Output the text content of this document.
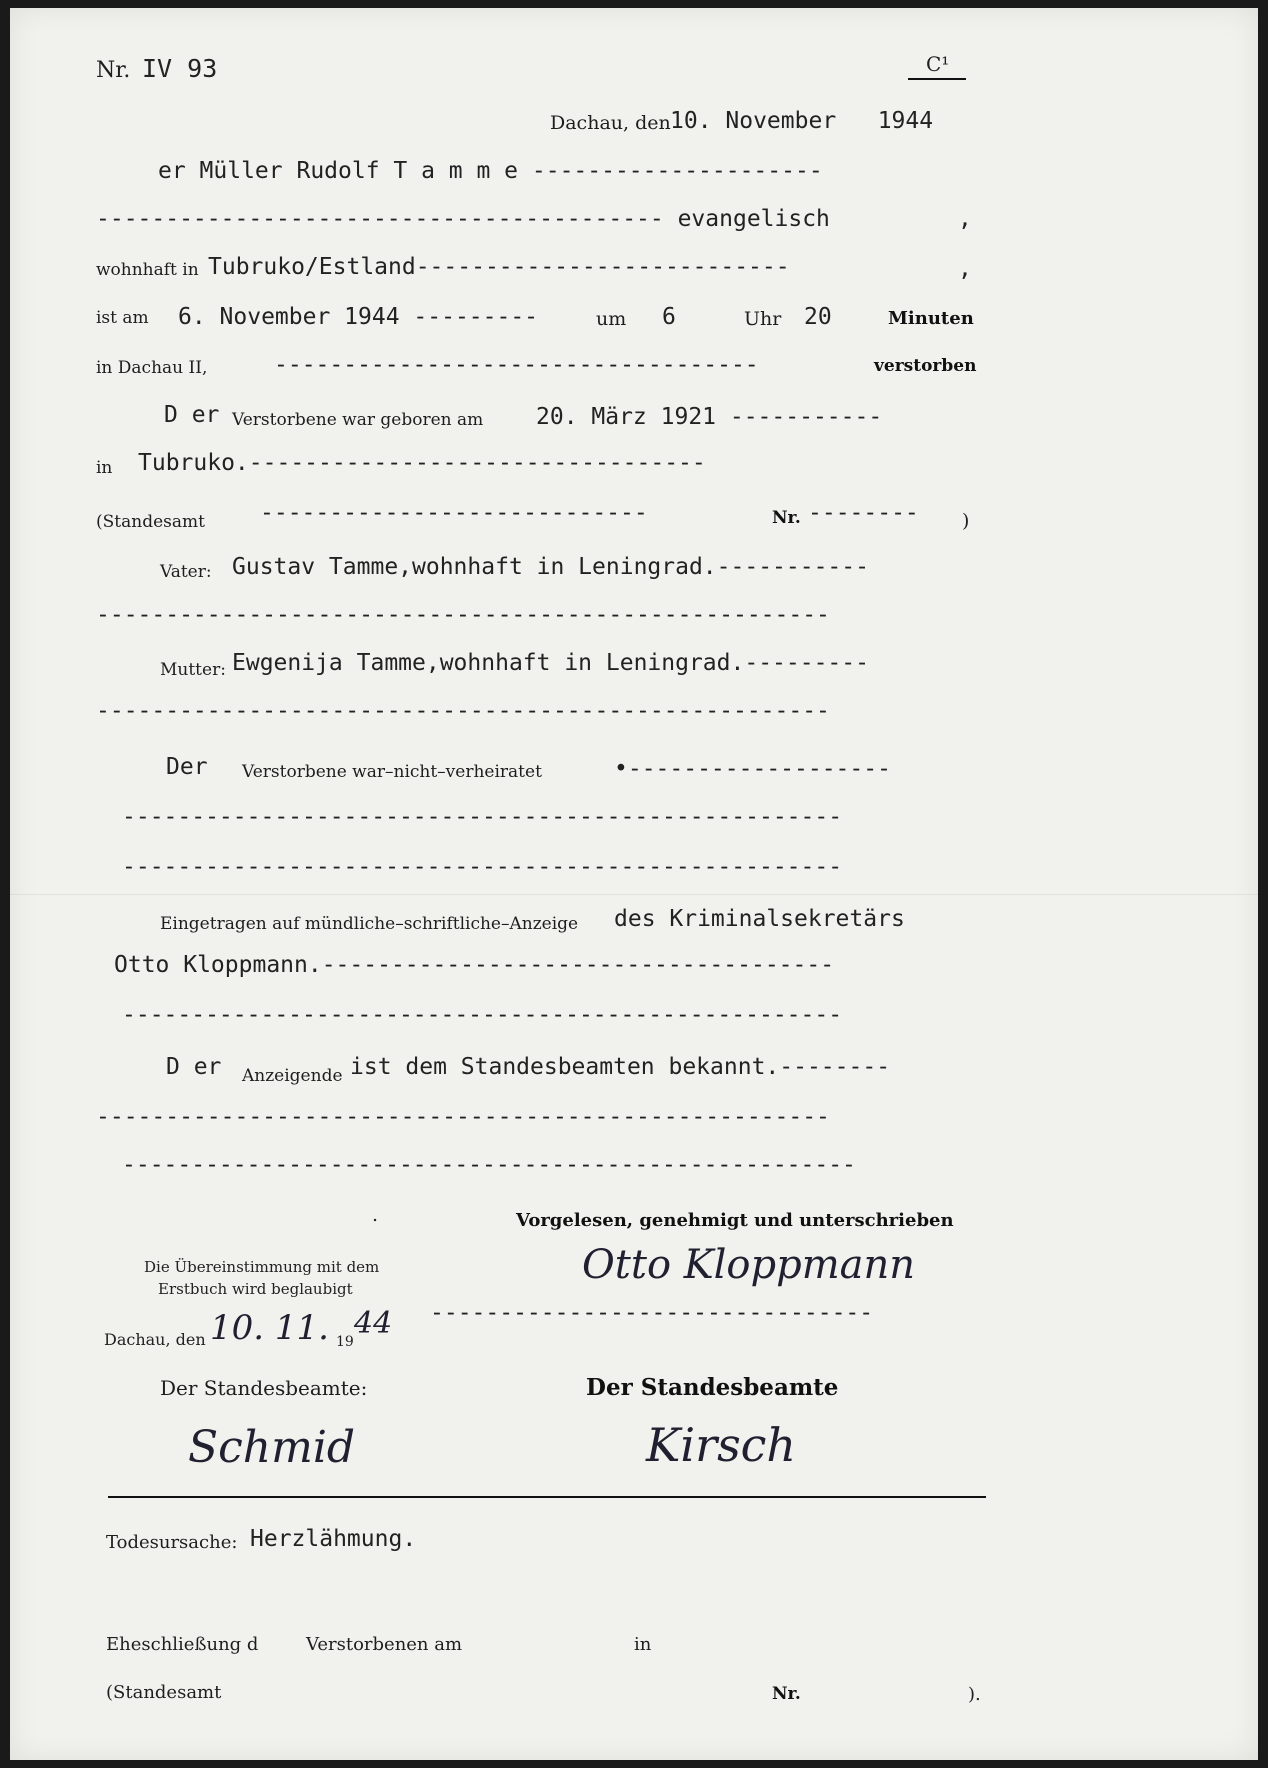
Nr. IV 93	C¹
Dachau, den 10. November   1944
er Müller Rudolf T a m m e ---------------------
----------------------------------------- evangelisch	,
wohnhaft in Tubruko/Estland---------------------------	,
ist am 6. November 1944 ---------	um 6	Uhr 20	Minuten
in Dachau II,	-----------------------------------	verstorben
D er Verstorbene war geboren am 20. März 1921 -----------
in Tubruko.---------------------------------
(Standesamt ----------------------------	Nr. -------- )
Vater: Gustav Tamme,wohnhaft in Leningrad.-----------
-----------------------------------------------------
Mutter: Ewgenija Tamme,wohnhaft in Leningrad.---------
-----------------------------------------------------
Der Verstorbene war–nicht–verheiratet	•-------------------
----------------------------------------------------
----------------------------------------------------
Eingetragen auf mündliche–schriftliche–Anzeige des Kriminalsekretärs
Otto Kloppmann.-------------------------------------
----------------------------------------------------
D er Anzeigende ist dem Standesbeamten bekannt.--------
-----------------------------------------------------
-----------------------------------------------------
.	Vorgelesen, genehmigt und unterschrieben
Otto Kloppmann
--------------------------------
Die Übereinstimmung mit dem
Erstbuch wird beglaubigt
Dachau, den 10. 11. 19
44
Der Standesbeamte:
Schmid
Der Standesbeamte
Kirsch
Todesursache: Herzlähmung.
Eheschließung d	Verstorbenen am	in
(Standesamt	Nr.	).
